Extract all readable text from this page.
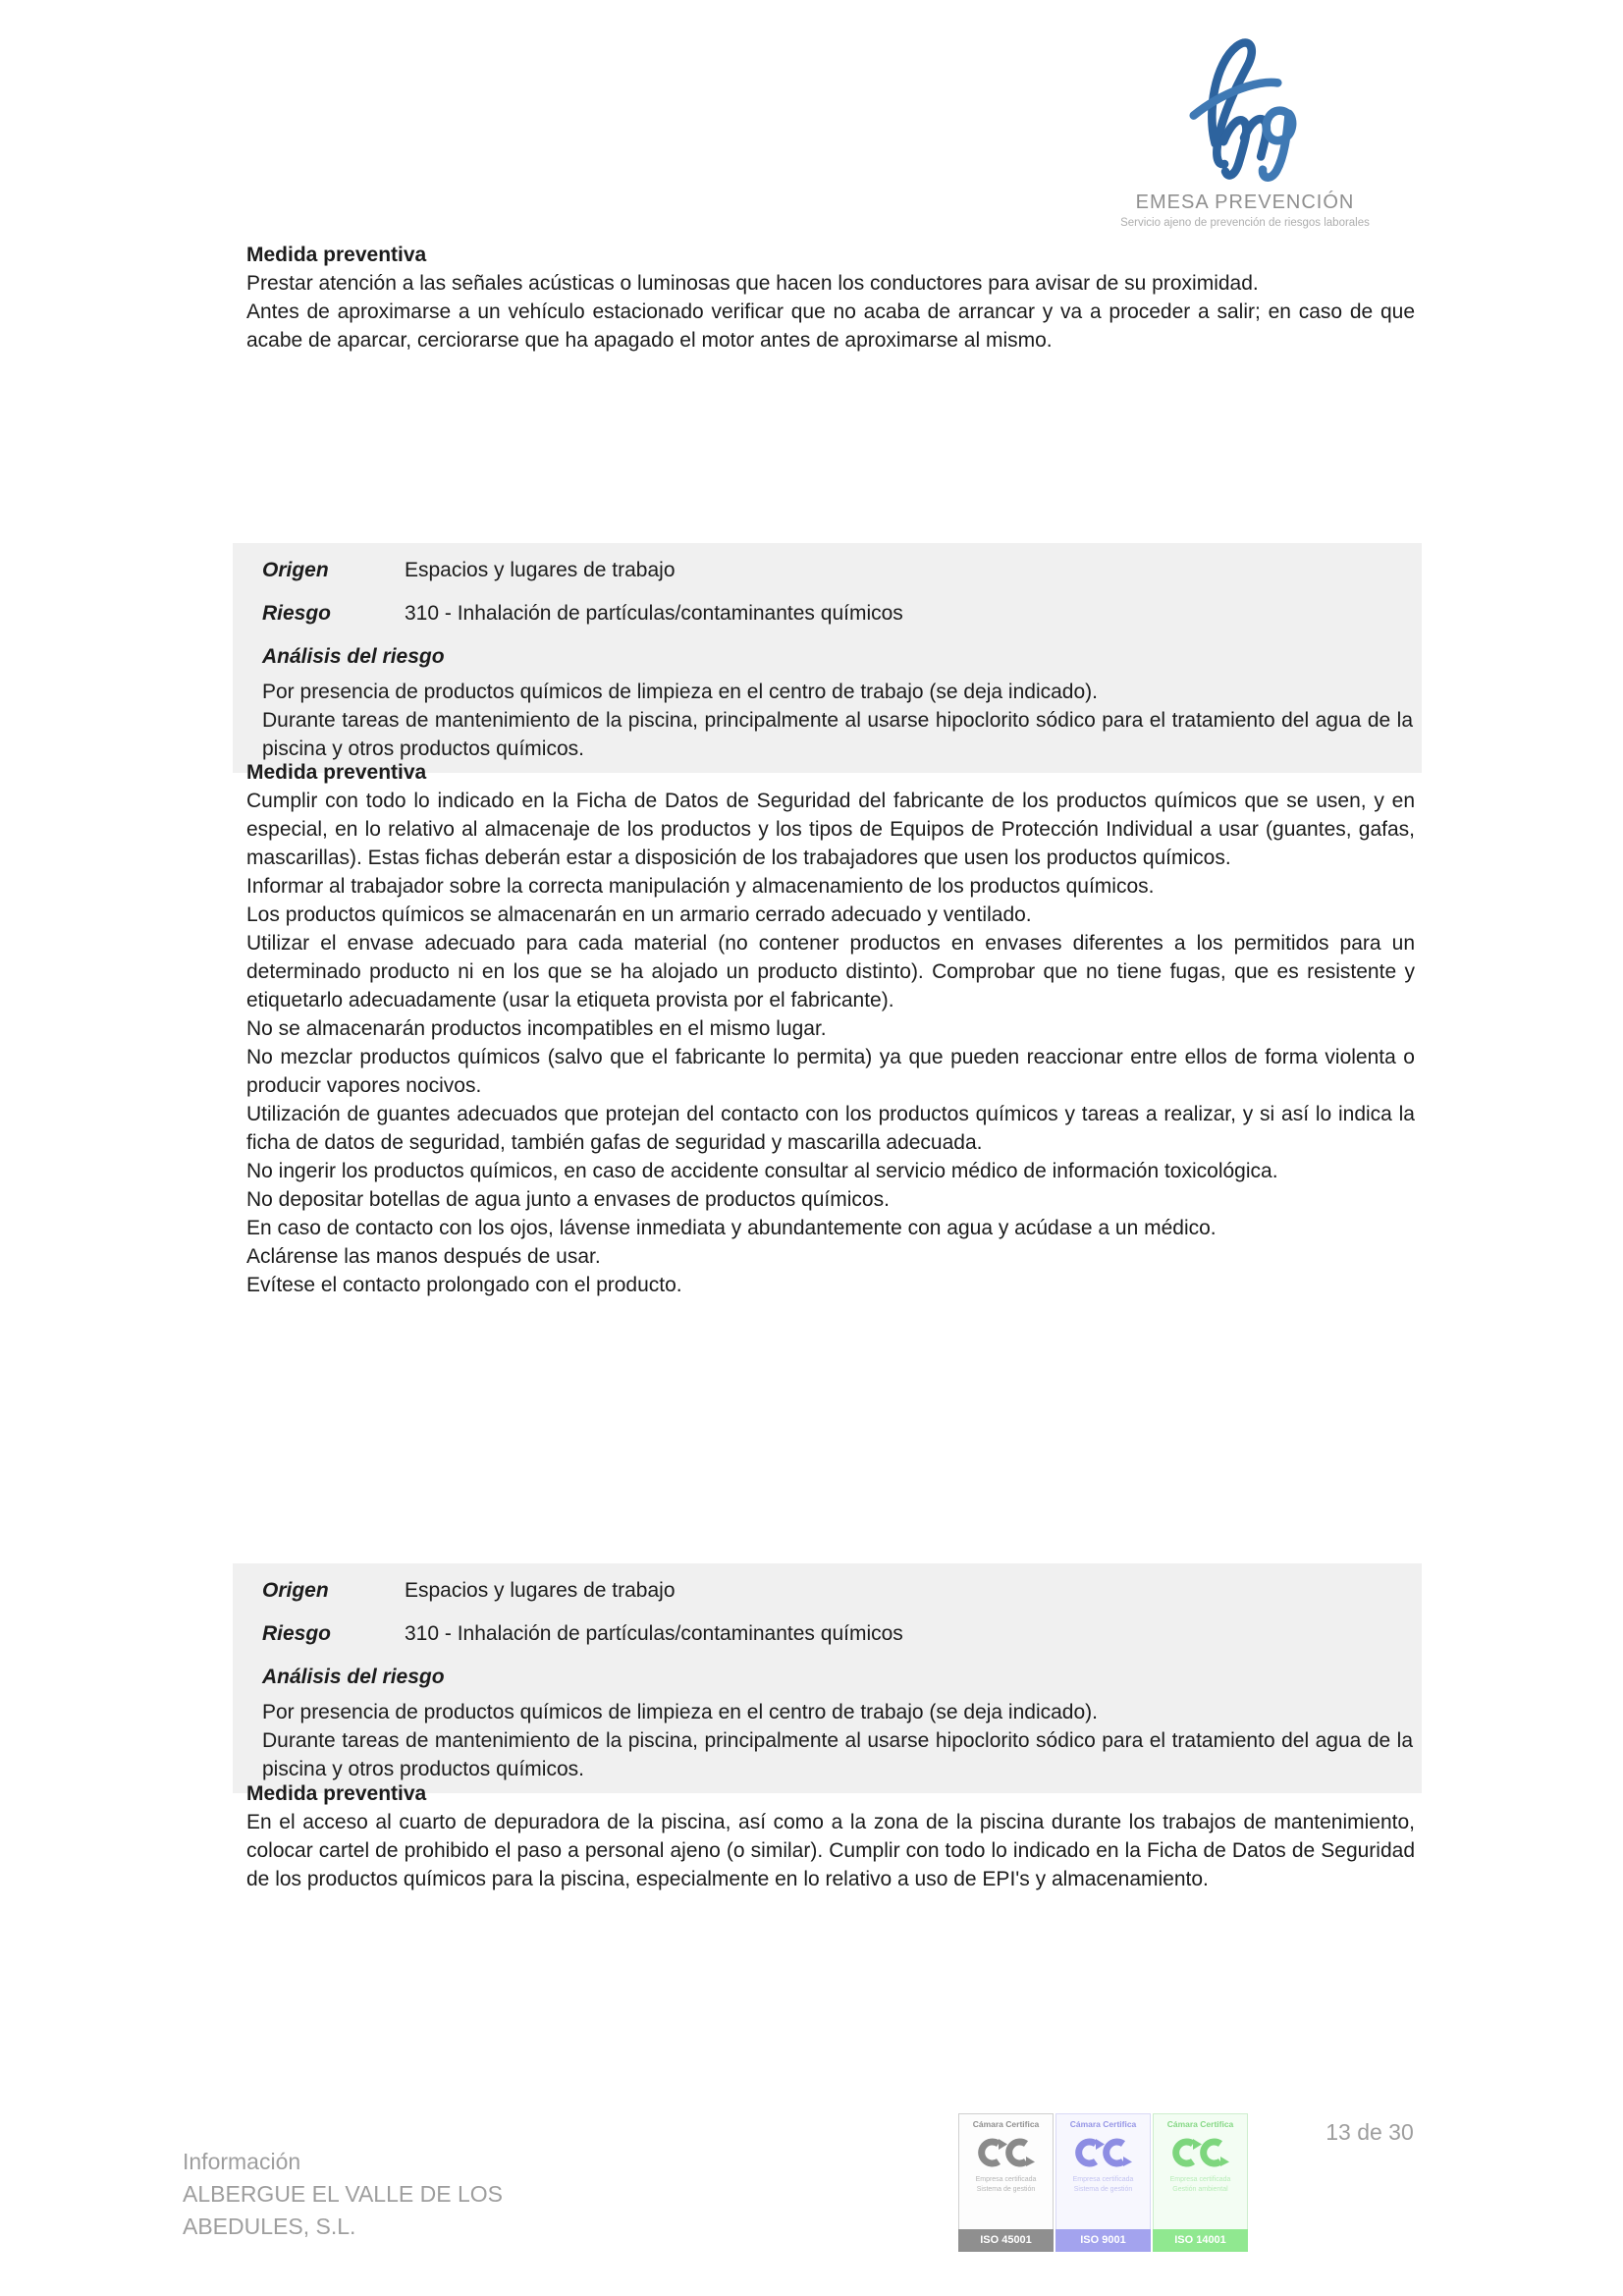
EMESA PREVENCIÓN
Servicio ajeno de prevención de riesgos laborales
Medida preventiva

Prestar atención a las señales acústicas o luminosas que hacen los conductores para avisar de su proximidad.

Antes de aproximarse a un vehículo estacionado verificar que no acaba de arrancar y va a proceder a salir; en caso de que acabe de aparcar, cerciorarse que ha apagado el motor antes de aproximarse al mismo.

Origen	Espacios y lugares de trabajo
Riesgo	310 - Inhalación de partículas/contaminantes químicos
Análisis del riesgo

Por presencia de productos químicos de limpieza en el centro de trabajo (se deja indicado).

Durante tareas de mantenimiento de la piscina, principalmente al usarse hipoclorito sódico para el tratamiento del agua de la piscina y otros productos químicos.

Medida preventiva

Cumplir con todo lo indicado en la Ficha de Datos de Seguridad del fabricante de los productos químicos que se usen, y en especial, en lo relativo al almacenaje de los productos y los tipos de Equipos de Protección Individual a usar (guantes, gafas, mascarillas). Estas fichas deberán estar a disposición de los trabajadores que usen los productos químicos.

Informar al trabajador sobre la correcta manipulación y almacenamiento de los productos químicos.

Los productos químicos se almacenarán en un armario cerrado adecuado y ventilado.

Utilizar el envase adecuado para cada material (no contener productos en envases diferentes a los permitidos para un determinado producto ni en los que se ha alojado un producto distinto). Comprobar que no tiene fugas, que es resistente y etiquetarlo adecuadamente (usar la etiqueta provista por el fabricante).

No se almacenarán productos incompatibles en el mismo lugar.

No mezclar productos químicos (salvo que el fabricante lo permita) ya que pueden reaccionar entre ellos de forma violenta o producir vapores nocivos.

Utilización de guantes adecuados que protejan del contacto con los productos químicos y tareas a realizar, y si así lo indica la ficha de datos de seguridad, también gafas de seguridad y mascarilla adecuada.

No ingerir los productos químicos, en caso de accidente consultar al servicio médico de información toxicológica.

No depositar botellas de agua junto a envases de productos químicos.

En caso de contacto con los ojos, lávense inmediata y abundantemente con agua y acúdase a un médico.

Aclárense las manos después de usar.

Evítese el contacto prolongado con el producto.

Origen	Espacios y lugares de trabajo
Riesgo	310 - Inhalación de partículas/contaminantes químicos
Análisis del riesgo

Por presencia de productos químicos de limpieza en el centro de trabajo (se deja indicado).

Durante tareas de mantenimiento de la piscina, principalmente al usarse hipoclorito sódico para el tratamiento del agua de la piscina y otros productos químicos.

Medida preventiva

En el acceso al cuarto de depuradora de la piscina, así como a la zona de la piscina durante los trabajos de mantenimiento, colocar cartel de prohibido el paso a personal ajeno (o similar). Cumplir con todo lo indicado en la Ficha de Datos de Seguridad de los productos químicos para la piscina, especialmente en lo relativo a uso de EPI's y almacenamiento.

Información
ALBERGUE EL VALLE DE LOS ABEDULES, S.L.
Cámara Certifica
Empresa certificada
Sistema de gestión
ISO 45001
Cámara Certifica
Empresa certificada
Sistema de gestión
ISO 9001
Cámara Certifica
Empresa certificada
Gestión ambiental
ISO 14001
13 de 30
